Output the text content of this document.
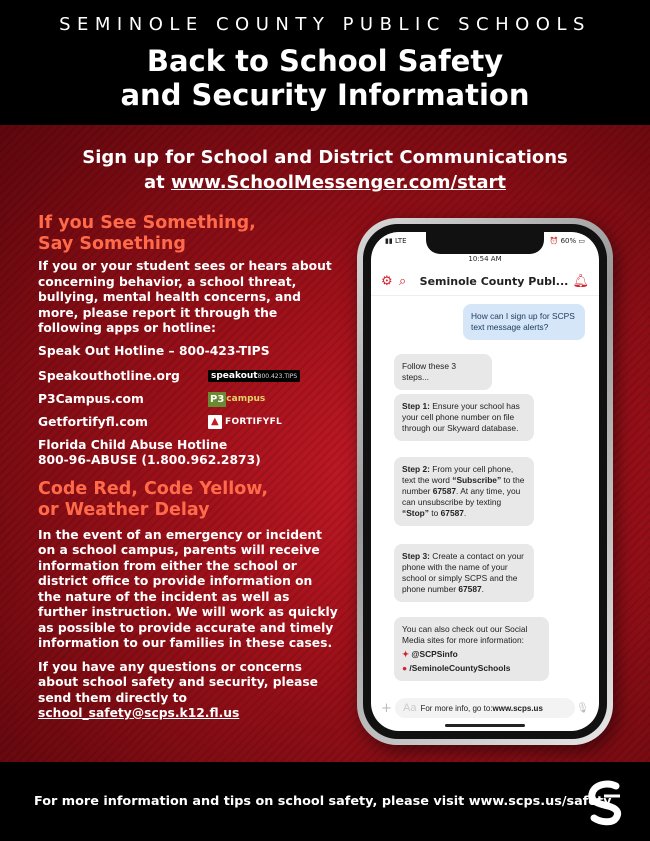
SEMINOLE COUNTY PUBLIC SCHOOLS
Back to School Safety
and Security Information
Sign up for School and District Communications
at www.SchoolMessenger.com/start
If you See Something,
Say Something
If you or your student sees or hears about concerning behavior, a school threat, bullying, mental health concerns, and more, please report it through the following apps or hotline:
Speak Out Hotline – 800-423-TIPS
Speakouthotline.org	speakout 800.423.TIPS
P3Campus.com	P3 campus
Getfortifyfl.com	▲ FORTIFYFL
Florida Child Abuse Hotline
800-96-ABUSE (1.800.962.2873)
Code Red, Code Yellow,
or Weather Delay
In the event of an emergency or incident on a school campus, parents will receive information from either the school or district office to provide information on the nature of the incident as well as further instruction. We will work as quickly as possible to provide accurate and timely information to our families in these cases.
If you have any questions or concerns about school safety and security, please send them directly to school_safety@scps.k12.fl.us
▮▮ LTE	⏰ 60% ▭
10:54 AM
⚙ ⌕	Seminole County Publ... 🔔︎
How can I sign up for SCPS text message alerts?
Follow these 3 steps...
Step 1: Ensure your school has your cell phone number on file through our Skyward database.
Step 2: From your cell phone, text the word “Subscribe” to the number 67587. At any time, you can unsubscribe by texting “Stop” to 67587.
Step 3: Create a contact on your phone with the name of your school or simply SCPS and the phone number 67587.
You can also check out our Social Media sites for more information:
✦ @SCPSinfo
● /SeminoleCountySchools
+ Aa For more info, go to: www.scps.us	🎙︎
For more information and tips on school safety, please visit www.scps.us/safety
